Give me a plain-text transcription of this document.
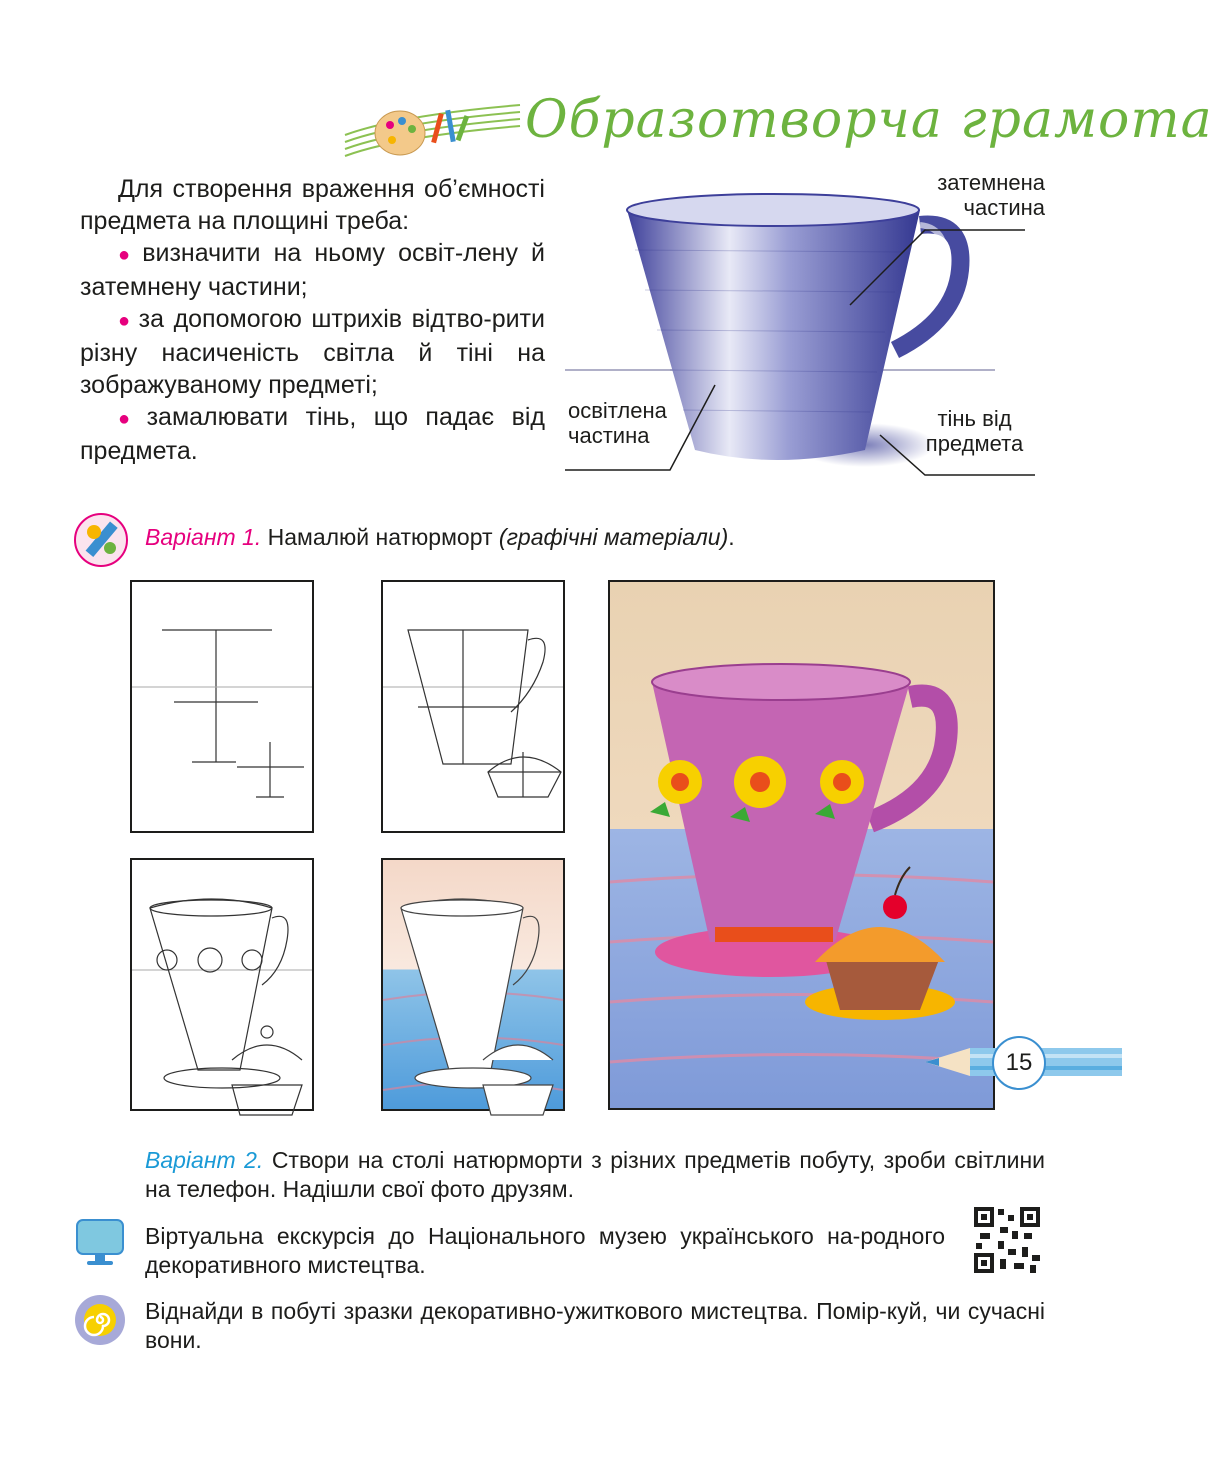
Образотворча грамота

Для створення враження об’ємності предмета на площині треба:

● визначити на ньому освіт-лену й затемнену частини;

● за допомогою штрихів відтво-рити різну насиченість світла й тіні на зображуваному предметі;

● замалювати тінь, що падає від предмета.

затемнена частина
освітлена частина
тінь від предмета
Варіант 1. Намалюй натюрморт (графічні матеріали).
Варіант 2. Створи на столі натюрморти з різних предметів побуту, зроби світлини на телефон. Надішли свої фото друзям.
Віртуальна екскурсія до Національного музею українського на-родного декоративного мистецтва.
Віднайди в побуті зразки декоративно-ужиткового мистецтва. Помір-куй, чи сучасні вони.
15
